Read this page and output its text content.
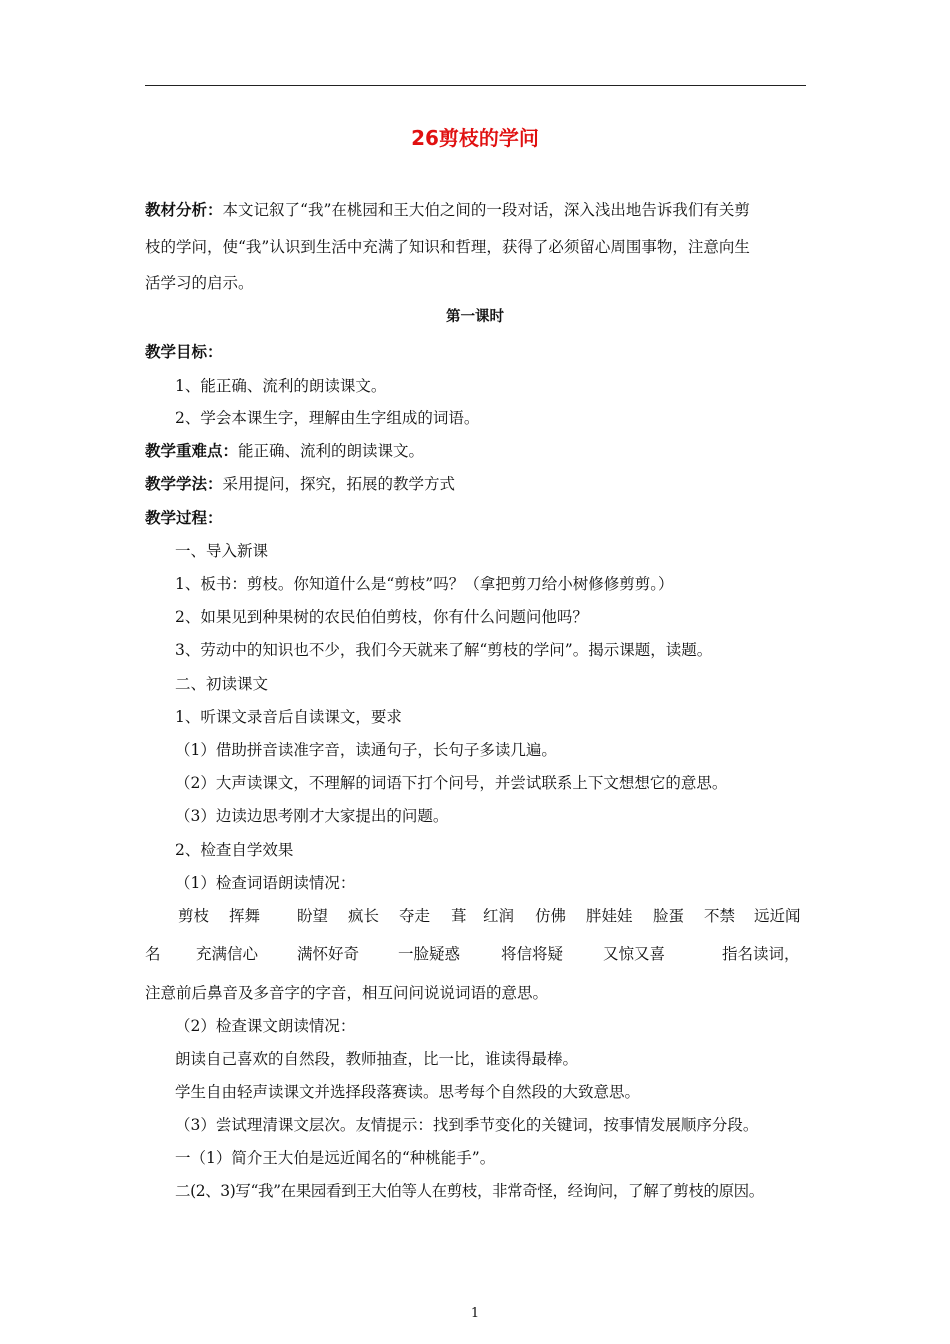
26剪枝的学问
教材分析：本文记叙了“我”在桃园和王大伯之间的一段对话，深入浅出地告诉我们有关剪
枝的学问，使“我”认识到生活中充满了知识和哲理，获得了必须留心周围事物，注意向生
活学习的启示。
第一课时
教学目标：
1、能正确、流利的朗读课文。
2、学会本课生字，理解由生字组成的词语。
教学重难点：能正确、流利的朗读课文。
教学学法：采用提问，探究，拓展的教学方式
教学过程：
一、导入新课
1、板书：剪枝。你知道什么是“剪枝”吗？（拿把剪刀给小树修修剪剪。）
2、如果见到种果树的农民伯伯剪枝，你有什么问题问他吗？
3、劳动中的知识也不少，我们今天就来了解“剪枝的学问”。揭示课题，读题。
二、初读课文
1、听课文录音后自读课文，要求
（1）借助拼音读准字音，读通句子，长句子多读几遍。
（2）大声读课文，不理解的词语下打个问号，并尝试联系上下文想想它的意思。
（3）边读边思考刚才大家提出的问题。
2、检查自学效果
（1）检查词语朗读情况：
剪枝 挥舞 盼望 疯长 夺走 葺 红润 仿佛 胖娃娃 脸蛋 不禁 远近闻
名 充满信心	满怀好奇	一脸疑惑	将信将疑	又惊又喜	指名读词，
注意前后鼻音及多音字的字音，相互问问说说词语的意思。
（2）检查课文朗读情况：
朗读自己喜欢的自然段，教师抽查，比一比，谁读得最棒。
学生自由轻声读课文并选择段落赛读。思考每个自然段的大致意思。
（3）尝试理清课文层次。友情提示：找到季节变化的关键词，按事情发展顺序分段。
一（1）简介王大伯是远近闻名的“种桃能手”。
二(2、3)写“我”在果园看到王大伯等人在剪枝，非常奇怪，经询问，了解了剪枝的原因。
1
